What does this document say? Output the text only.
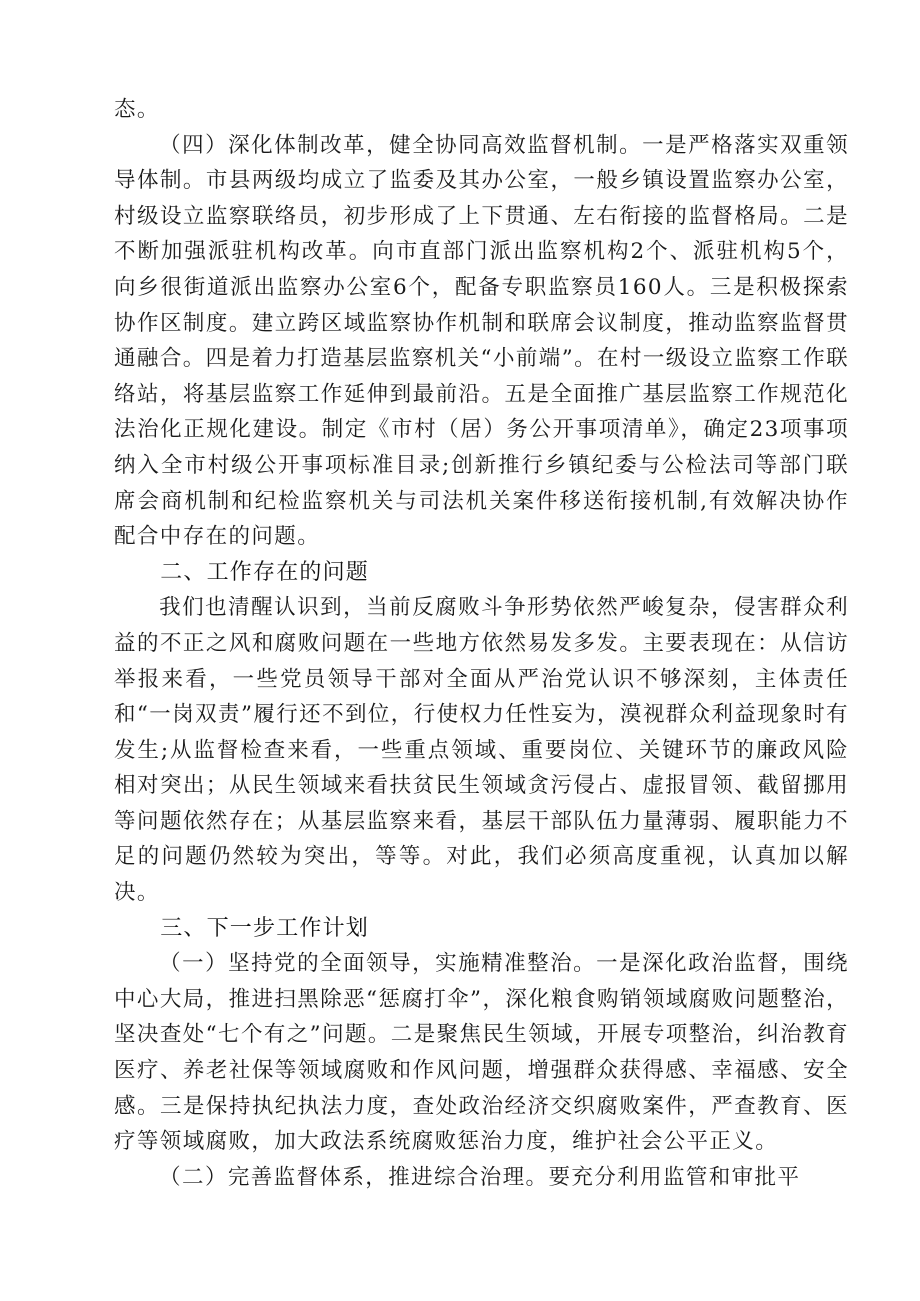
态。

（四）深化体制改革，健全协同高效监督机制。一是严格落实双重领导体制。市县两级均成立了监委及其办公室，一般乡镇设置监察办公室，村级设立监察联络员，初步形成了上下贯通、左右衔接的监督格局。二是不断加强派驻机构改革。向市直部门派出监察机构2个、派驻机构5个，向乡很街道派出监察办公室6个，配备专职监察员160人。三是积极探索协作区制度。建立跨区域监察协作机制和联席会议制度，推动监察监督贯通融合。四是着力打造基层监察机关“小前端”。在村一级设立监察工作联络站，将基层监察工作延伸到最前沿。五是全面推广基层监察工作规范化法治化正规化建设。制定《市村（居）务公开事项清单》，确定23项事项纳入全市村级公开事项标准目录;创新推行乡镇纪委与公检法司等部门联席会商机制和纪检监察机关与司法机关案件移送衔接机制,有效解决协作配合中存在的问题。

二、工作存在的问题

我们也清醒认识到，当前反腐败斗争形势依然严峻复杂，侵害群众利益的不正之风和腐败问题在一些地方依然易发多发。主要表现在：从信访举报来看，一些党员领导干部对全面从严治党认识不够深刻，主体责任和“一岗双责”履行还不到位，行使权力任性妄为，漠视群众利益现象时有发生;从监督检查来看，一些重点领域、重要岗位、关键环节的廉政风险相对突出；从民生领域来看扶贫民生领域贪污侵占、虚报冒领、截留挪用等问题依然存在；从基层监察来看，基层干部队伍力量薄弱、履职能力不足的问题仍然较为突出，等等。对此，我们必须高度重视，认真加以解决。

三、下一步工作计划

（一）坚持党的全面领导，实施精准整治。一是深化政治监督，围绕中心大局，推进扫黑除恶“惩腐打伞”，深化粮食购销领域腐败问题整治，坚决查处“七个有之”问题。二是聚焦民生领域，开展专项整治，纠治教育医疗、养老社保等领域腐败和作风问题，增强群众获得感、幸福感、安全感。三是保持执纪执法力度，查处政治经济交织腐败案件，严查教育、医疗等领域腐败，加大政法系统腐败惩治力度，维护社会公平正义。

（二）完善监督体系，推进综合治理。要充分利用监管和审批平
